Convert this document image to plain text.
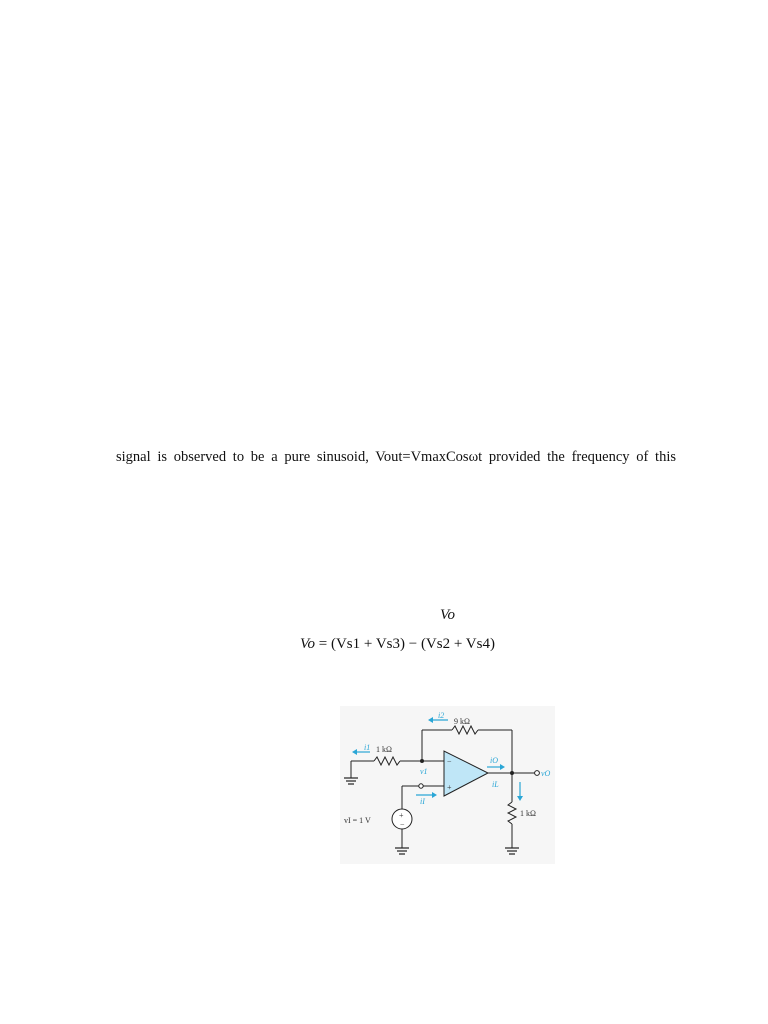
signal is observed to be a pure sinusoid, Vout=VmaxCosωt provided the frequency of this
Vo
Vo = (Vs1 + Vs3) − (Vs2 + Vs4)
9 kΩ
i2
1 kΩ
i1
v1
iO
vO
iL
iI
1 kΩ
vI = 1 V
−
+
+
−
